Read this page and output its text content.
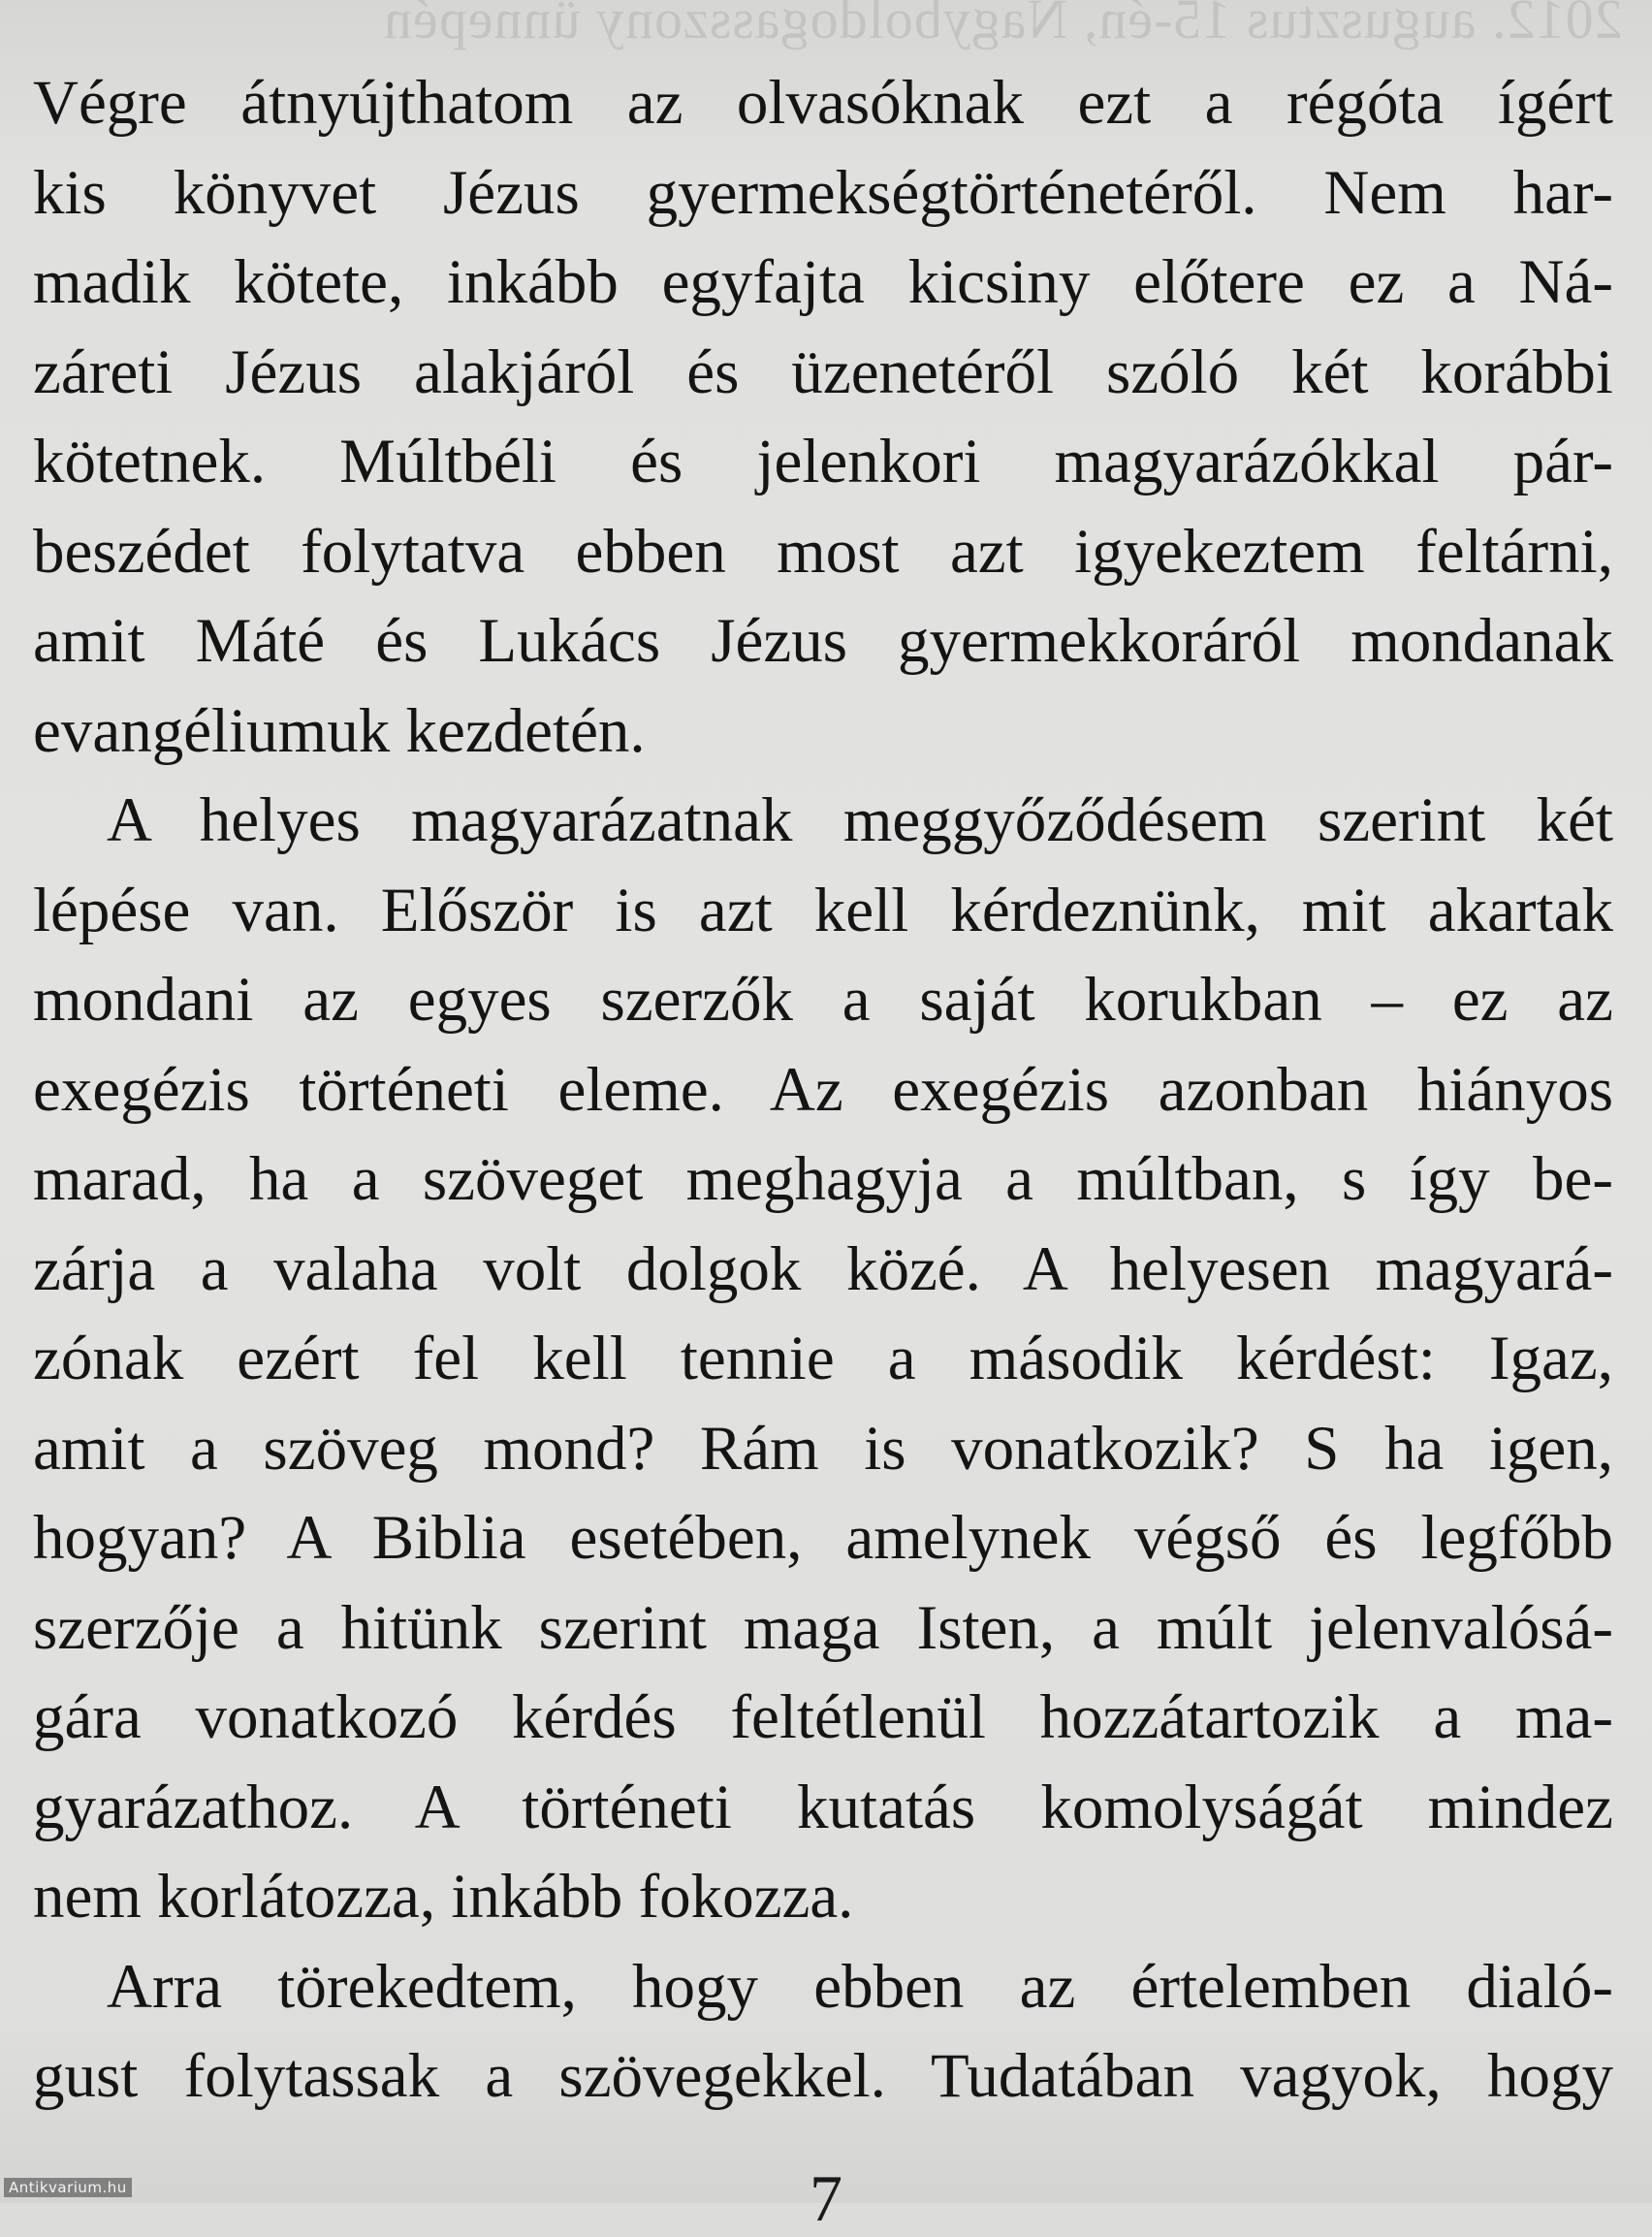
2012. augusztus 15-én, Nagyboldogasszony ünnepén

Végre átnyújthatom az olvasóknak ezt a régóta ígért
kis könyvet Jézus gyermekségtörténetéről. Nem har-
madik kötete, inkább egyfajta kicsiny előtere ez a Ná-
záreti Jézus alakjáról és üzenetéről szóló két korábbi
kötetnek. Múltbéli és jelenkori magyarázókkal pár-
beszédet folytatva ebben most azt igyekeztem feltárni,
amit Máté és Lukács Jézus gyermekkoráról mondanak
evangéliumuk kezdetén.

A helyes magyarázatnak meggyőződésem szerint két
lépése van. Először is azt kell kérdeznünk, mit akartak
mondani az egyes szerzők a saját korukban – ez az
exegézis történeti eleme. Az exegézis azonban hiányos
marad, ha a szöveget meghagyja a múltban, s így be-
zárja a valaha volt dolgok közé. A helyesen magyará-
zónak ezért fel kell tennie a második kérdést: Igaz,
amit a szöveg mond? Rám is vonatkozik? S ha igen,
hogyan? A Biblia esetében, amelynek végső és legfőbb
szerzője a hitünk szerint maga Isten, a múlt jelenvalósá-
gára vonatkozó kérdés feltétlenül hozzátartozik a ma-
gyarázathoz. A történeti kutatás komolyságát mindez
nem korlátozza, inkább fokozza.

Arra törekedtem, hogy ebben az értelemben dialó-
gust folytassak a szövegekkel. Tudatában vagyok, hogy

7
Antikvarium.hu
